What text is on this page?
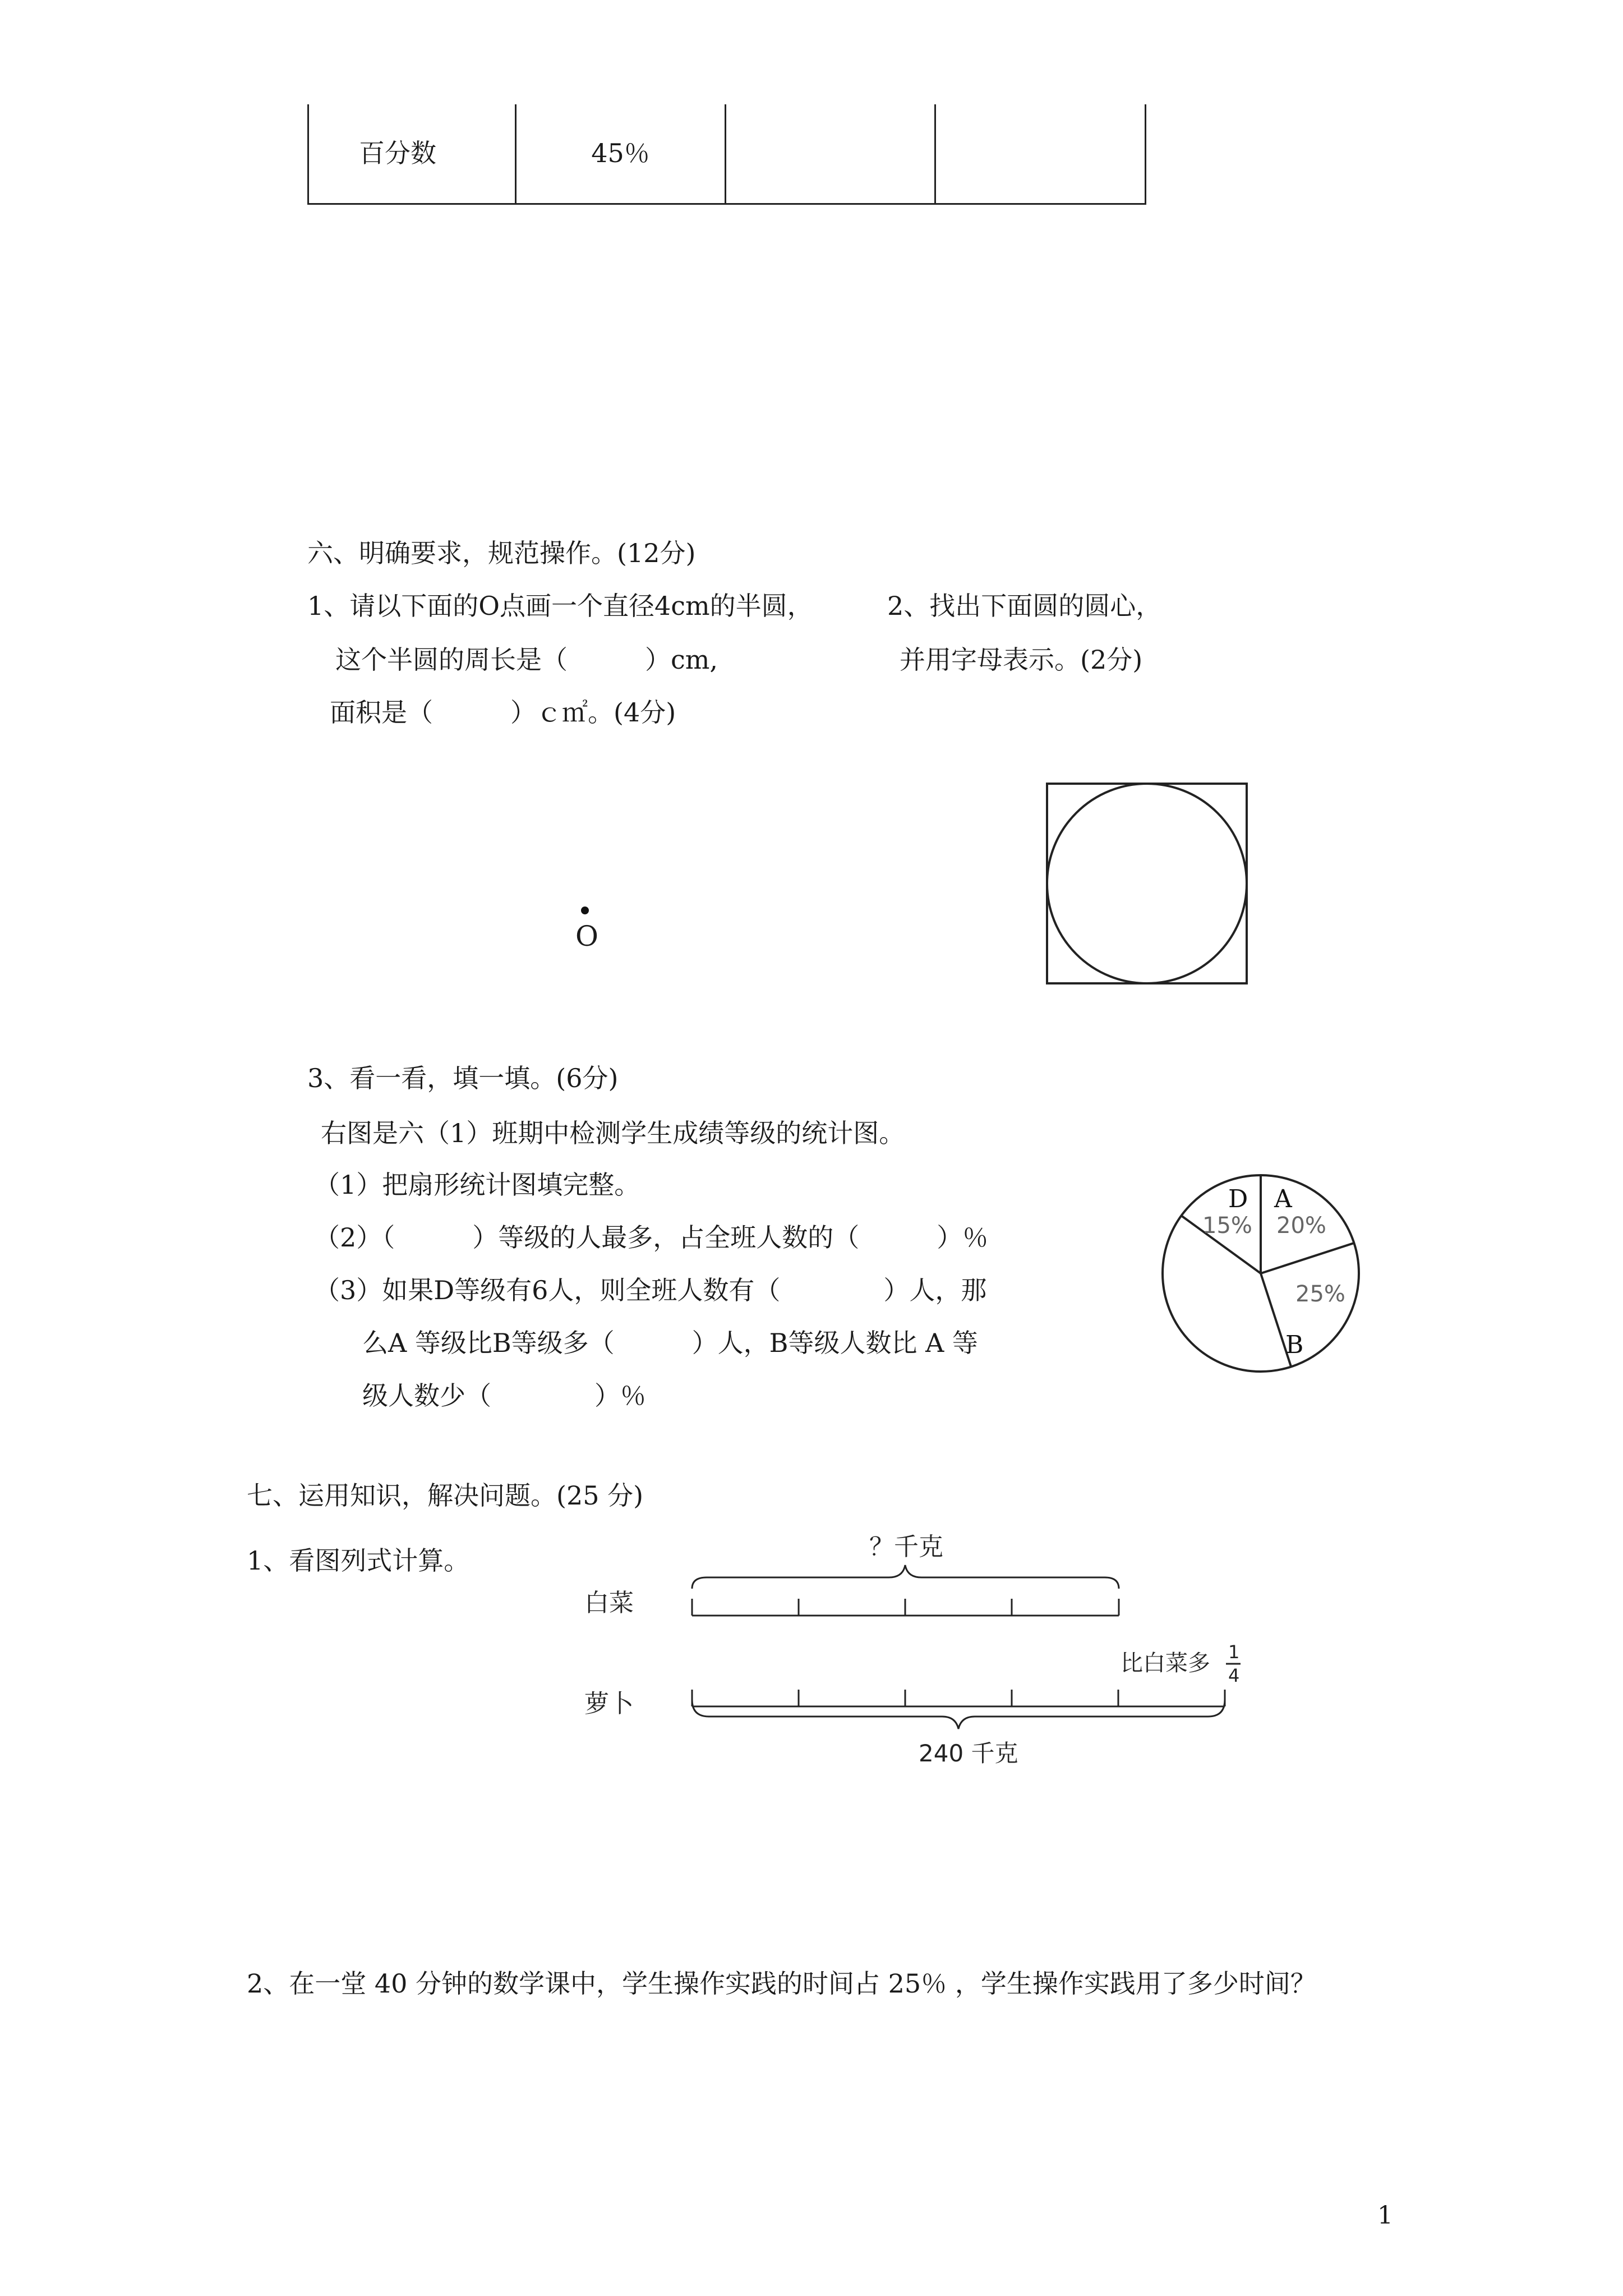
百分数	45％
六、明确要求，规范操作。(12分)
1、请以下面的O点画一个直径4cm的半圆，
这个半圆的周长是（　　　）cm,
面积是（　　　）ｃ㎡。(4分)
2、找出下面圆的圆心，
并用字母表示。(2分)
O
3、看一看，填一填。(6分)
右图是六（1）班期中检测学生成绩等级的统计图。
（1）把扇形统计图填完整。
（2）（　　　）等级的人最多，占全班人数的（　　　）％
（3）如果D等级有6人，则全班人数有（　　　　）人，那
么A 等级比B等级多（　　　）人，B等级人数比 A 等
级人数少（　　　　）％
D A
B
15% 20%
25%
七、运用知识，解决问题。(25 分)
1、看图列式计算。	？千克
白菜
比白菜多 1
4
萝卜
240 千克
2、在一堂 40 分钟的数学课中，学生操作实践的时间占 25％ ，学生操作实践用了多少时间？
1
